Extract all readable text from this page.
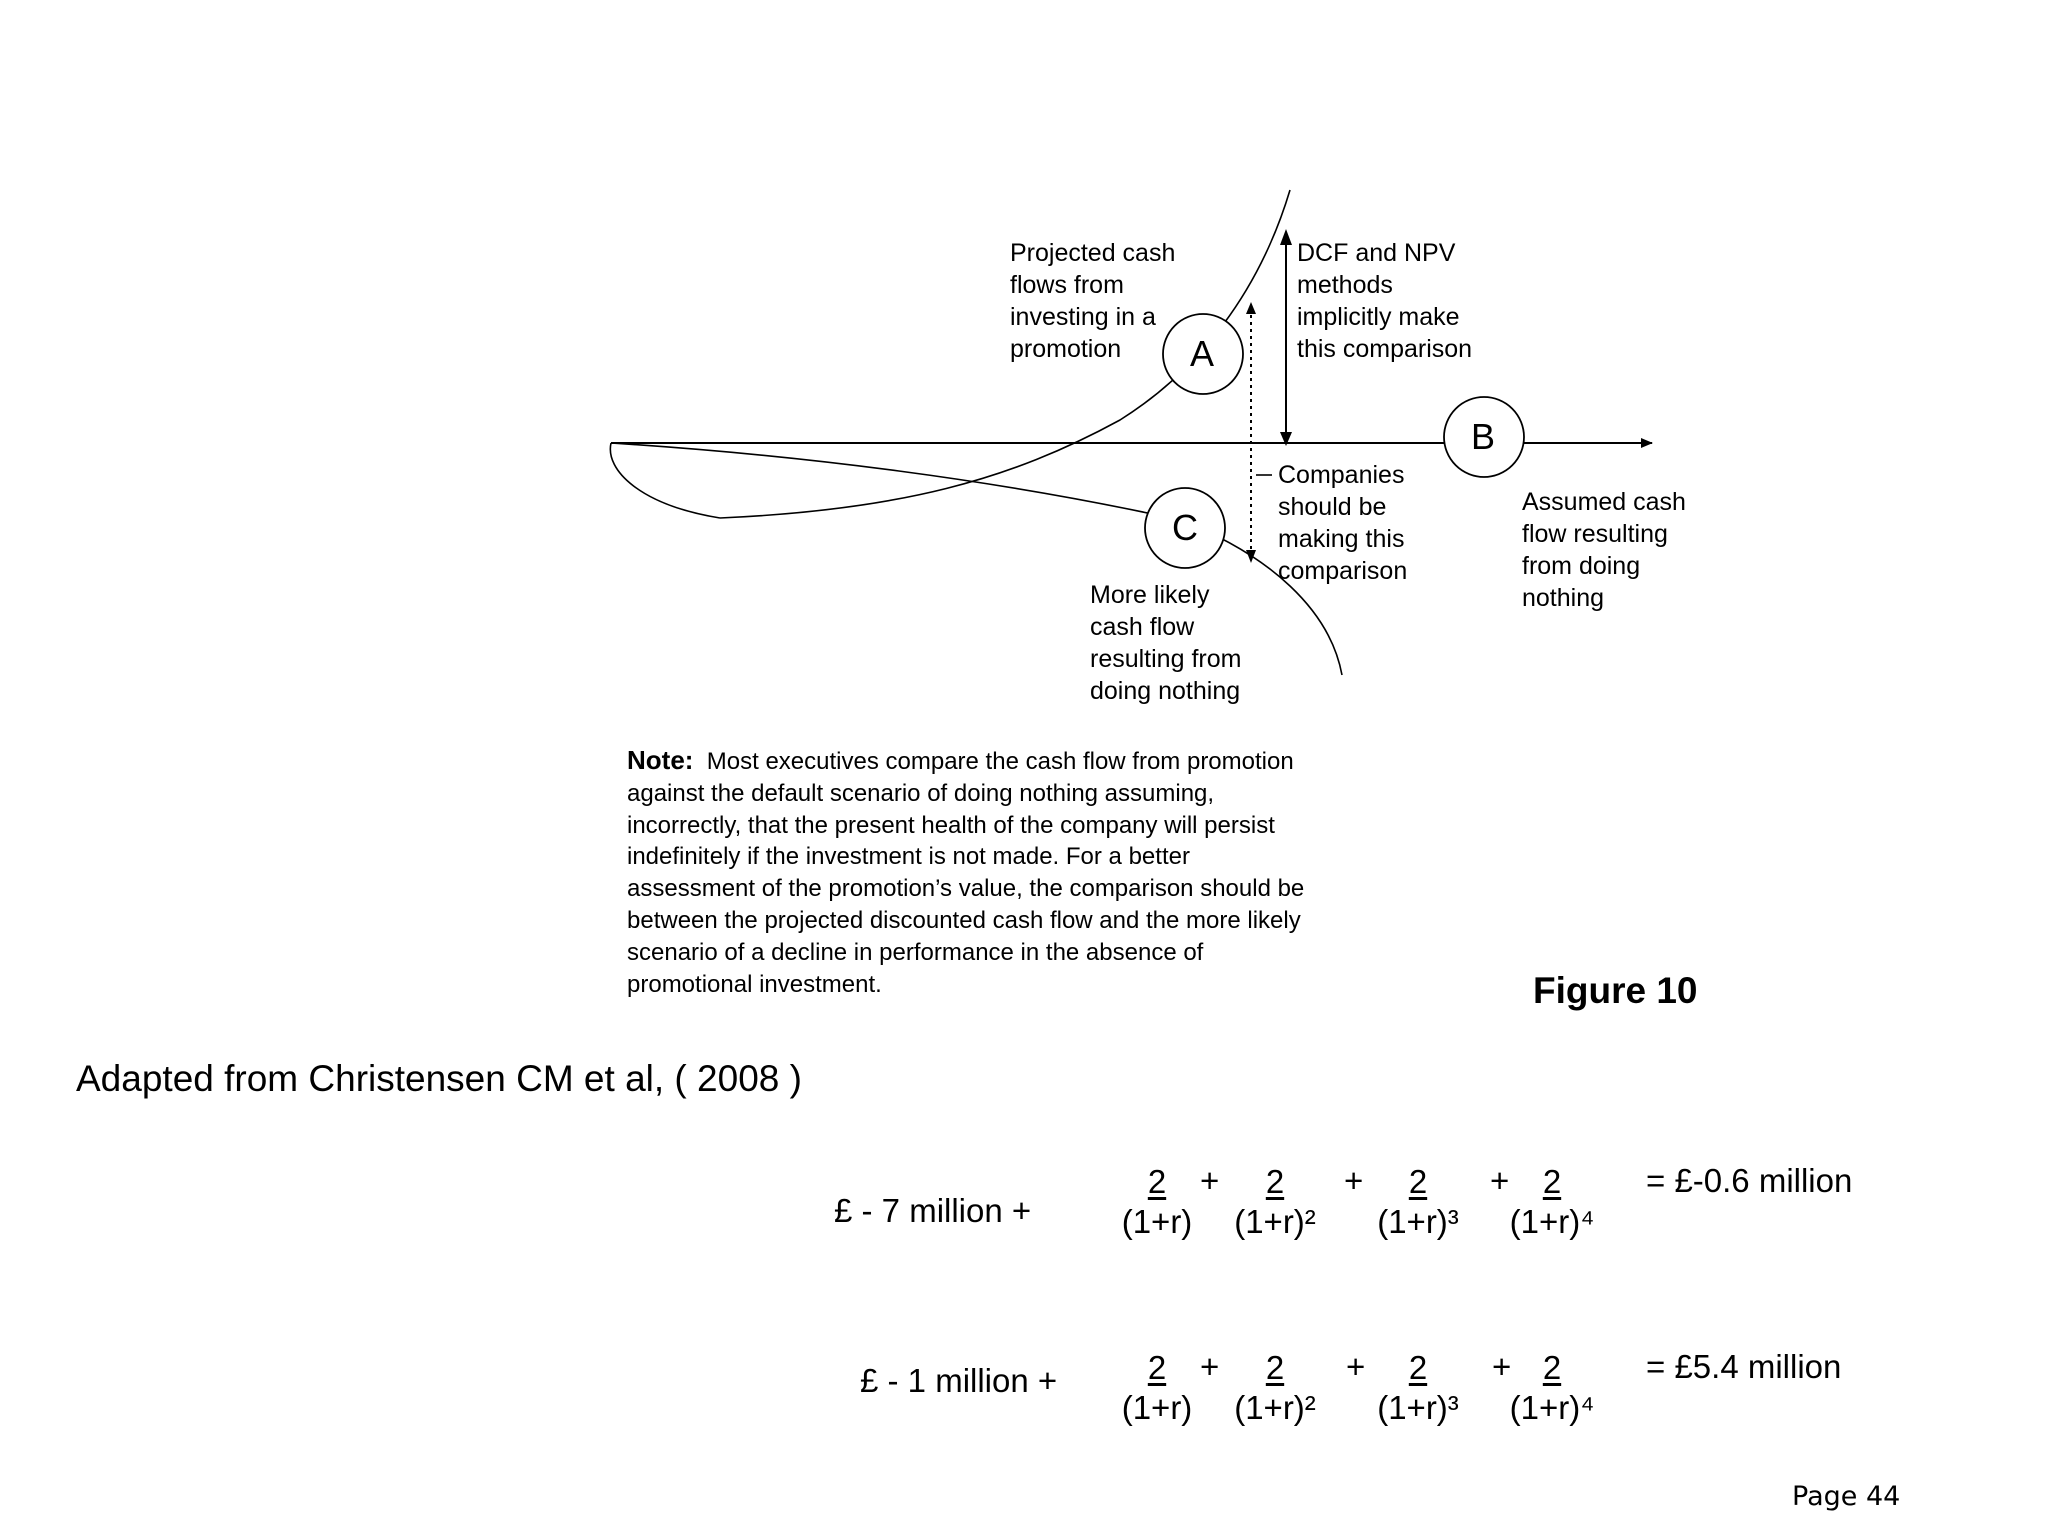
A
B
C
Projected cash
flows from
investing in a
promotion
DCF and NPV
methods
implicitly make
this comparison
Companies
should be
making this
comparison
Assumed cash
flow resulting
from doing
nothing
More likely
cash flow
resulting from
doing nothing
Note: Most executives compare the cash flow from promotion against the default scenario of doing nothing assuming, incorrectly, that the present health of the company will persist indefinitely if the investment is not made. For a better assessment of the promotion’s value, the comparison should be between the projected discounted cash flow and the more likely scenario of a decline in performance in the absence of promotional investment.	Figure 10
Adapted from Christensen CM et al, ( 2008 )
£ - 7 million +	$\frac{2}{(1+r)} + \frac{2}{\text{(1+r)²}} + \frac{2}{\text{(1+r)³}}$ +
$\frac{2}{\text{(1+r)⁴}}$ = £-0.6 million
£ - 1 million + $\frac{2}{(1+r)} + \frac{2}{\text{(1+r)²}} + \frac{2}{\text{(1+r)³}}$ +
$\frac{2}{\text{(1+r)⁴}}$ = £5.4 million
Page 44
